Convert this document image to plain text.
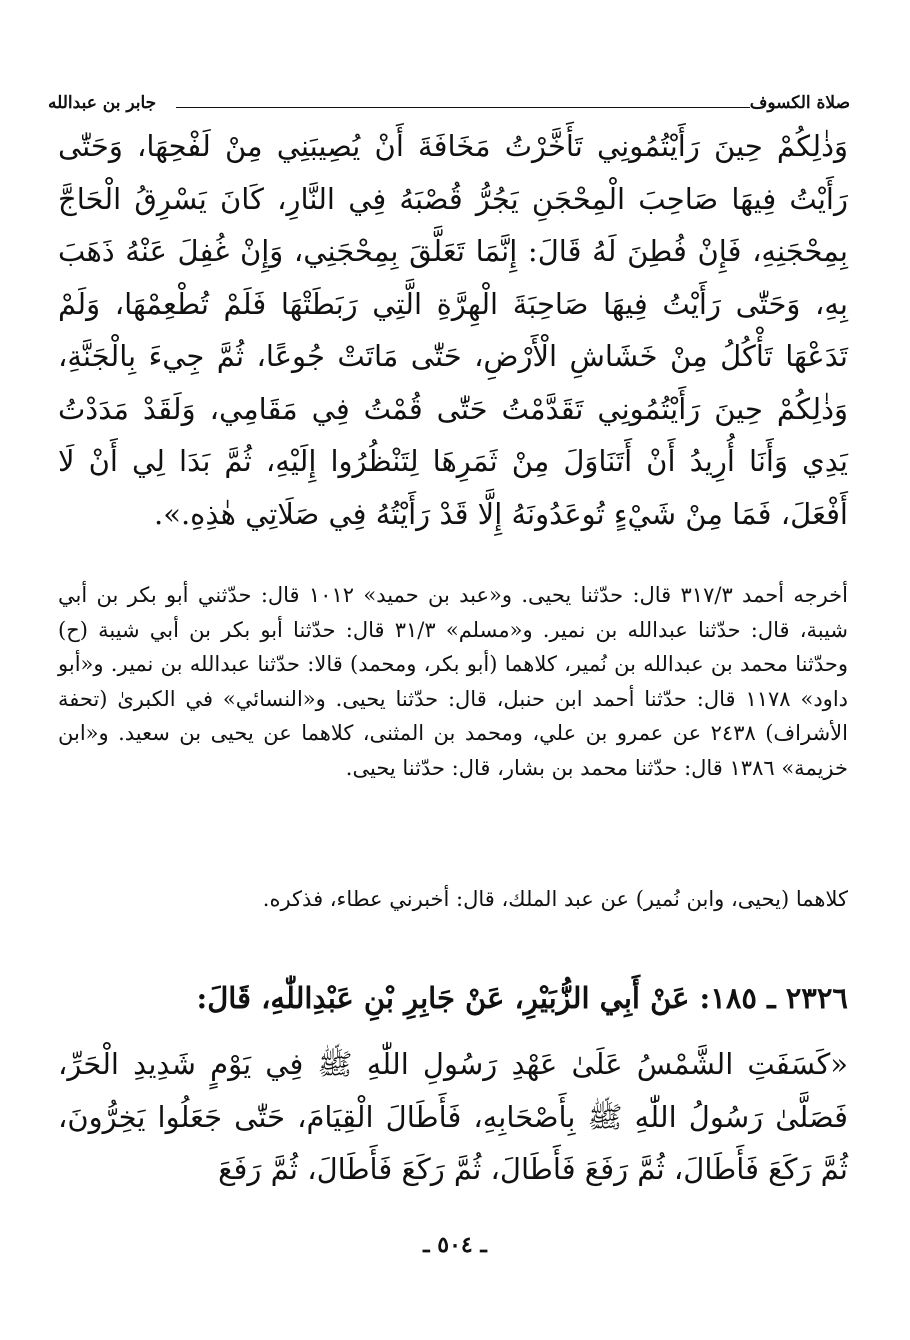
صلاة الكسوف
جابر بن عبدالله

وَذٰلِكُمْ حِينَ رَأَيْتُمُونِي تَأَخَّرْتُ مَخَافَةَ أَنْ يُصِيبَنِي مِنْ لَفْحِهَا، وَحَتّٰى رَأَيْتُ فِيهَا صَاحِبَ الْمِحْجَنِ يَجُرُّ قُصْبَهُ فِي النَّارِ، كَانَ يَسْرِقُ الْحَاجَّ بِمِحْجَنِهِ، فَإِنْ فُطِنَ لَهُ قَالَ: إِنَّمَا تَعَلَّقَ بِمِحْجَنِي، وَإِنْ غُفِلَ عَنْهُ ذَهَبَ بِهِ، وَحَتّٰى رَأَيْتُ فِيهَا صَاحِبَةَ الْهِرَّةِ الَّتِي رَبَطَتْهَا فَلَمْ تُطْعِمْهَا، وَلَمْ تَدَعْهَا تَأْكُلُ مِنْ خَشَاشِ الْأَرْضِ، حَتّٰى مَاتَتْ جُوعًا، ثُمَّ جِيءَ بِالْجَنَّةِ، وَذٰلِكُمْ حِينَ رَأَيْتُمُونِي تَقَدَّمْتُ حَتّٰى قُمْتُ فِي مَقَامِي، وَلَقَدْ مَدَدْتُ يَدِي وَأَنَا أُرِيدُ أَنْ أَتَنَاوَلَ مِنْ ثَمَرِهَا لِتَنْظُرُوا إِلَيْهِ، ثُمَّ بَدَا لِي أَنْ لَا أَفْعَلَ، فَمَا مِنْ شَيْءٍ تُوعَدُونَهُ إِلَّا قَدْ رَأَيْتُهُ فِي صَلَاتِي هٰذِهِ.».

أخرجه أحمد ٣١٧/٣ قال: حدّثنا يحيى. و«عبد بن حميد» ١٠١٢ قال: حدّثني أبو بكر بن أبي شيبة، قال: حدّثنا عبدالله بن نمير. و«مسلم» ٣١/٣ قال: حدّثنا أبو بكر بن أبي شيبة (ح) وحدّثنا محمد بن عبدالله بن نُمير، كلاهما (أبو بكر، ومحمد) قالا: حدّثنا عبدالله بن نمير. و«أبو داود» ١١٧٨ قال: حدّثنا أحمد ابن حنبل، قال: حدّثنا يحيى. و«النسائي» في الكبرىٰ (تحفة الأشراف) ٢٤٣٨ عن عمرو بن علي، ومحمد بن المثنى، كلاهما عن يحيى بن سعيد. و«ابن خزيمة» ١٣٨٦ قال: حدّثنا محمد بن بشار، قال: حدّثنا يحيى.

كلاهما (يحيى، وابن نُمير) عن عبد الملك، قال: أخبرني عطاء، فذكره.

٢٣٢٦ ـ ١٨٥: عَنْ أَبِي الزُّبَيْرِ، عَنْ جَابِرِ بْنِ عَبْدِاللّٰهِ، قَالَ:

«كَسَفَتِ الشَّمْسُ عَلَىٰ عَهْدِ رَسُولِ اللّٰهِ ﷺ فِي يَوْمٍ شَدِيدِ الْحَرِّ، فَصَلَّىٰ رَسُولُ اللّٰهِ ﷺ بِأَصْحَابِهِ، فَأَطَالَ الْقِيَامَ، حَتّٰى جَعَلُوا يَخِرُّونَ، ثُمَّ رَكَعَ فَأَطَالَ، ثُمَّ رَفَعَ فَأَطَالَ، ثُمَّ رَكَعَ فَأَطَالَ، ثُمَّ رَفَعَ

ـ ٥٠٤ ـ
